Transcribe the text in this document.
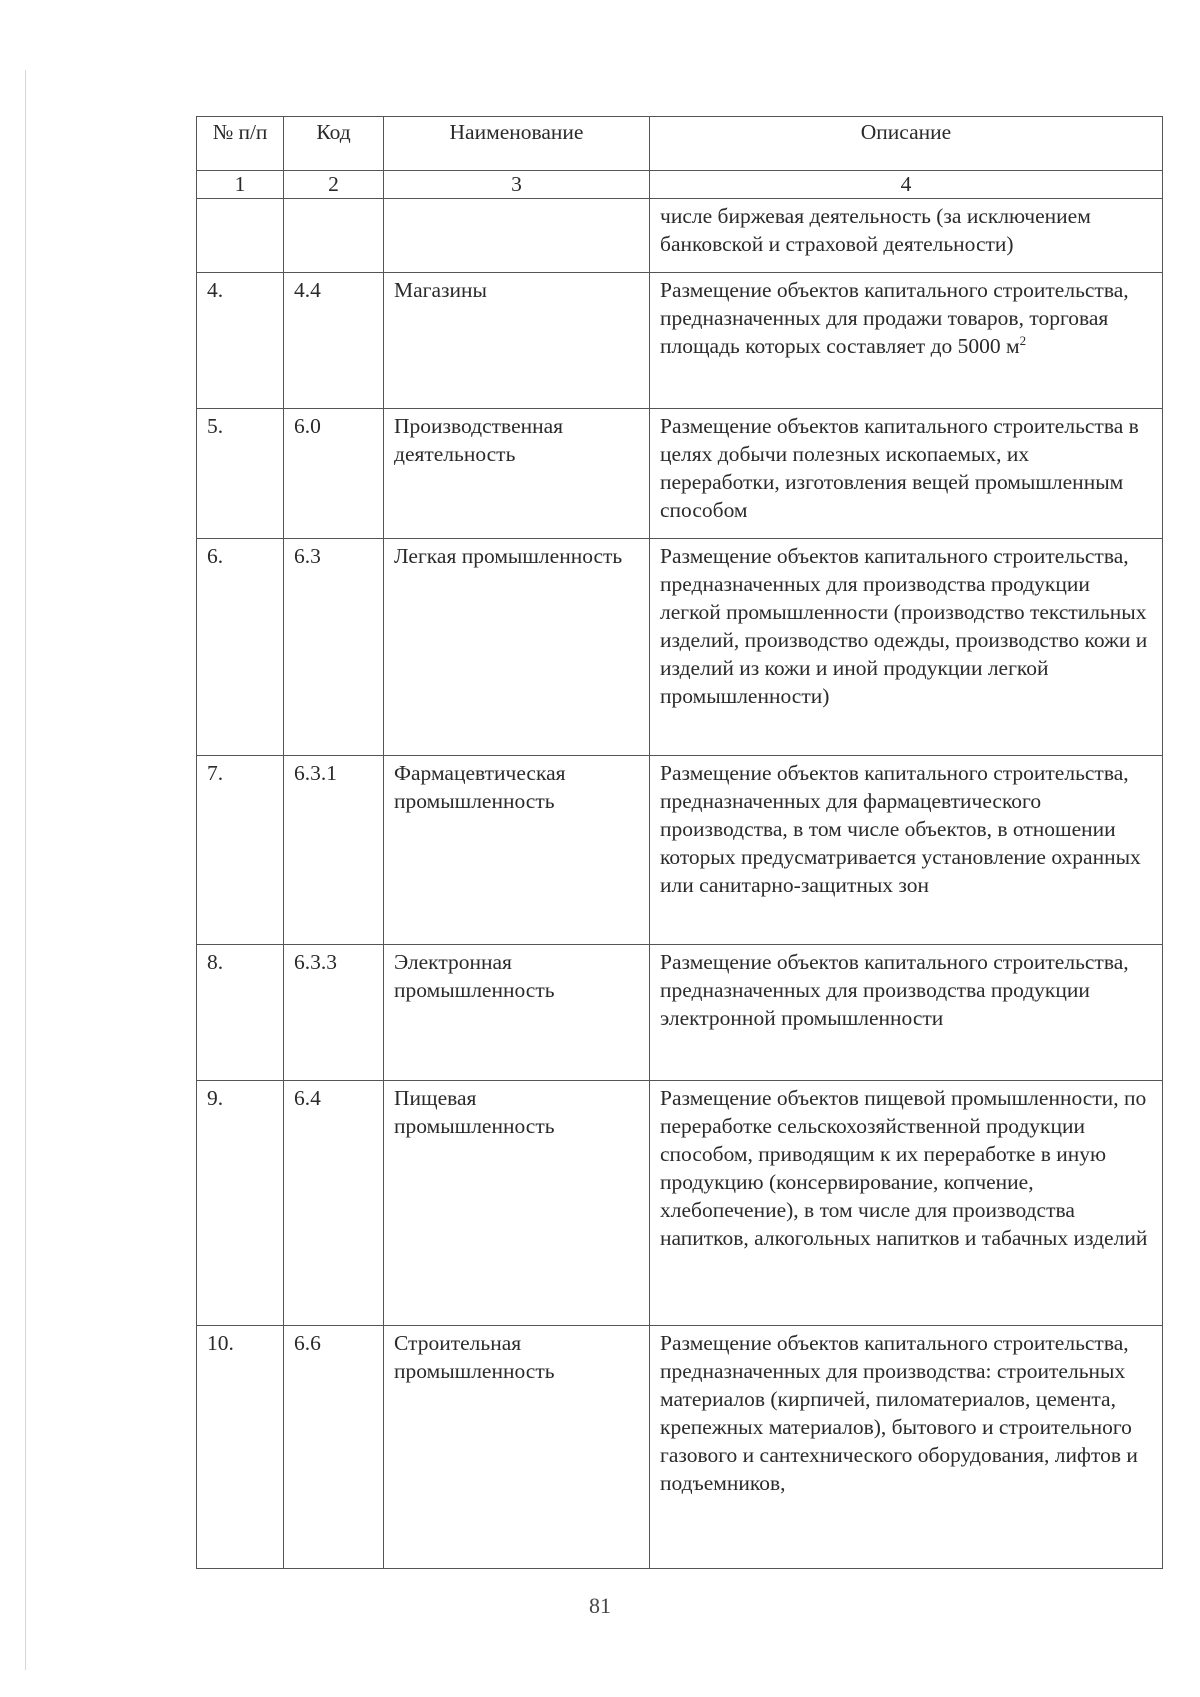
№ п/п	Код	Наименование	Описание
1	2	3	4
			числе биржевая деятельность (за исключением банковской и страховой деятельности)
4.	4.4	Магазины	Размещение объектов капитального строительства, предназначенных для продажи товаров, торговая площадь которых составляет до 5000 $м^2$
5.	6.0	Производственная деятельность	Размещение объектов капитального строительства в целях добычи полезных ископаемых, их переработки, изготовления вещей промышленным способом
6.	6.3	Легкая промышленность	Размещение объектов капитального строительства, предназначенных для производства продукции легкой промышленности (производство текстильных изделий, производство одежды, производство кожи и изделий из кожи и иной продукции легкой промышленности)
7.	6.3.1	Фармацевтическая промышленность	Размещение объектов капитального строительства, предназначенных для фармацевтического производства, в том числе объектов, в отношении которых предусматривается установление охранных или санитарно-защитных зон
8.	6.3.3	Электронная промышленность	Размещение объектов капитального строительства, предназначенных для производства продукции электронной промышленности
9.	6.4	Пищевая промышленность	Размещение объектов пищевой промышленности, по переработке сельскохозяйственной продукции способом, приводящим к их переработке в иную продукцию (консервирование, копчение, хлебопечение), в том числе для производства напитков, алкогольных напитков и табачных изделий
10.	6.6	Строительная промышленность	Размещение объектов капитального строительства, предназначенных для производства: строительных материалов (кирпичей, пиломатериалов, цемента, крепежных материалов), бытового и строительного газового и сантехнического оборудования, лифтов и подъемников,
81
